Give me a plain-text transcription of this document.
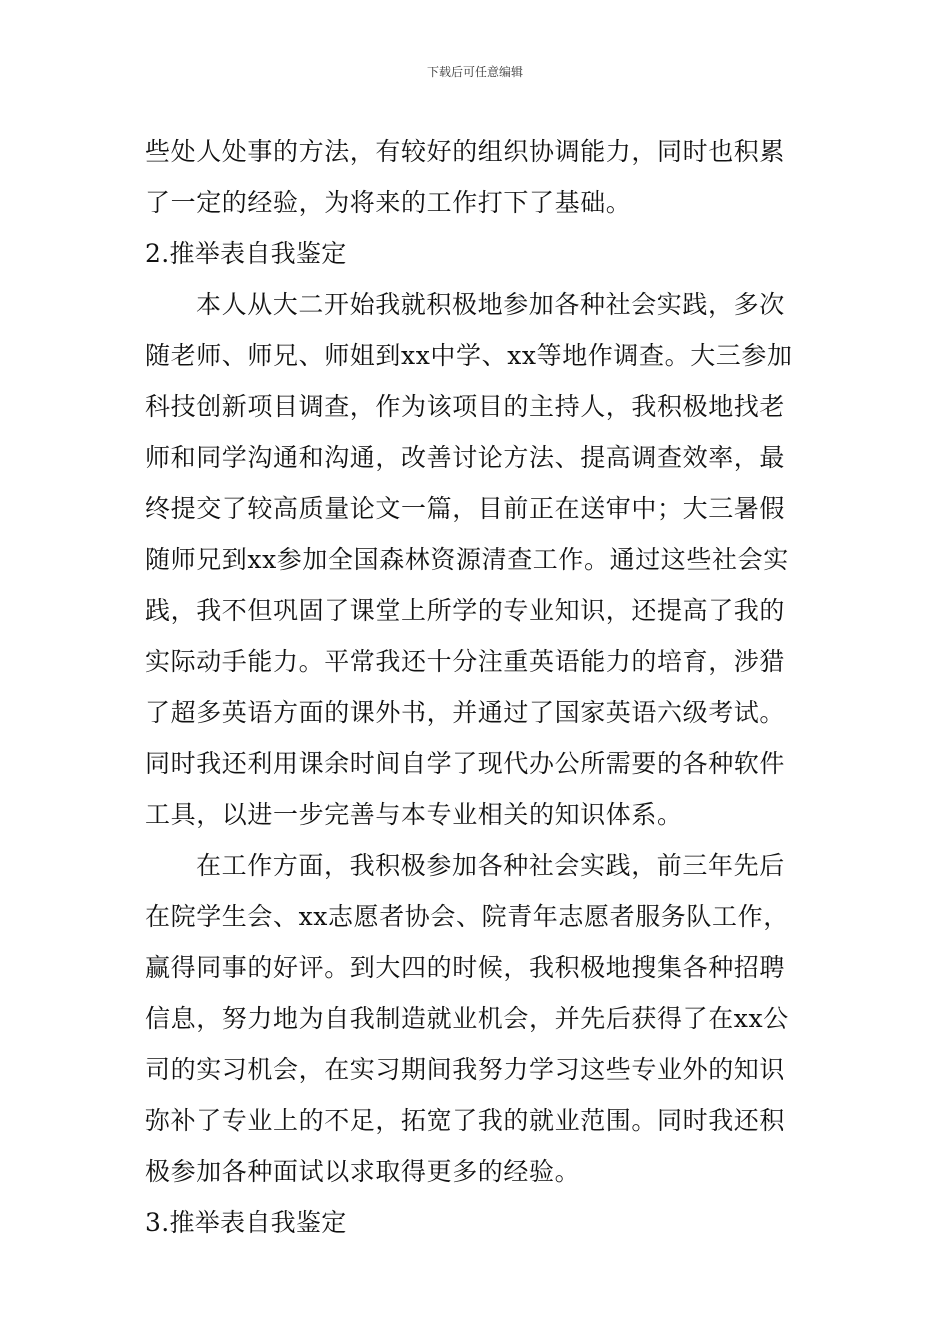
下载后可任意编辑
些处人处事的方法，有较好的组织协调能力，同时也积累
了一定的经验，为将来的工作打下了基础。
2.推举表自我鉴定
本人从大二开始我就积极地参加各种社会实践，多次
随老师、师兄、师姐到xx中学、xx等地作调查。大三参加
科技创新项目调查，作为该项目的主持人，我积极地找老
师和同学沟通和沟通，改善讨论方法、提高调查效率，最
终提交了较高质量论文一篇，目前正在送审中；大三暑假
随师兄到xx参加全国森林资源清查工作。通过这些社会实
践，我不但巩固了课堂上所学的专业知识，还提高了我的
实际动手能力。平常我还十分注重英语能力的培育，涉猎
了超多英语方面的课外书，并通过了国家英语六级考试。
同时我还利用课余时间自学了现代办公所需要的各种软件
工具，以进一步完善与本专业相关的知识体系。
在工作方面，我积极参加各种社会实践，前三年先后
在院学生会、xx志愿者协会、院青年志愿者服务队工作，
赢得同事的好评。到大四的时候，我积极地搜集各种招聘
信息，努力地为自我制造就业机会，并先后获得了在xx公
司的实习机会，在实习期间我努力学习这些专业外的知识
弥补了专业上的不足，拓宽了我的就业范围。同时我还积
极参加各种面试以求取得更多的经验。
3.推举表自我鉴定
